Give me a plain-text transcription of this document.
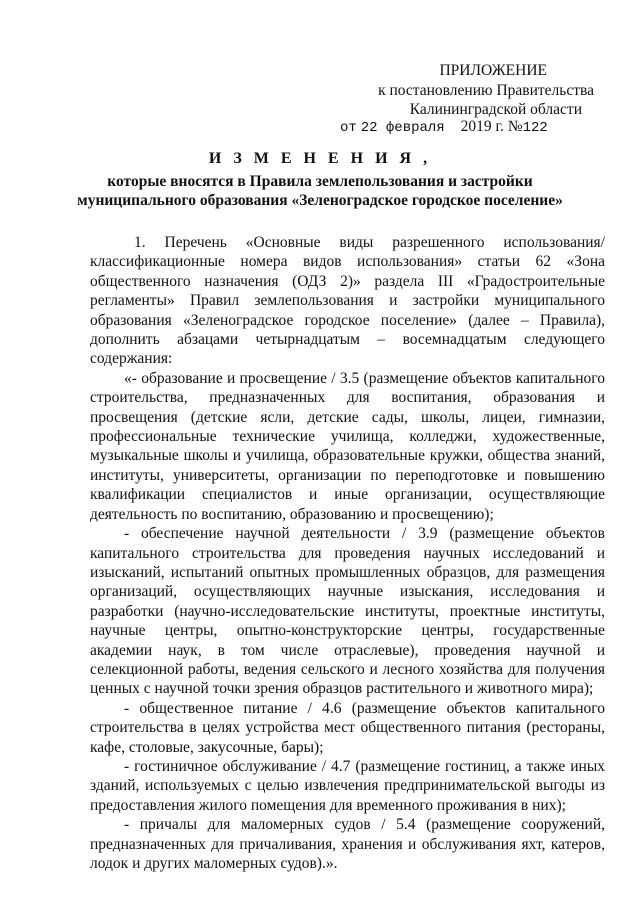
ПРИЛОЖЕНИЕ
к постановлению Правительства
Калининградской области
от 22 февраля 2019 г. №122
И З М Е Н Е Н И Я ,
которые вносятся в Правила землепользования и застройки
муниципального образования «Зеленоградское городское поселение»

1. Перечень «Основные виды разрешенного использования/классификационные номера видов использования» статьи 62 «Зона общественного назначения (ОДЗ 2)» раздела III «Градостроительные регламенты» Правил землепользования и застройки муниципального образования «Зеленоградское городское поселение» (далее – Правила), дополнить абзацами четырнадцатым – восемнадцатым следующего содержания:

«- образование и просвещение / 3.5 (размещение объектов капитального строительства, предназначенных для воспитания, образования и просвещения (детские ясли, детские сады, школы, лицеи, гимназии, профессиональные технические училища, колледжи, художественные, музыкальные школы и училища, образовательные кружки, общества знаний, институты, университеты, организации по переподготовке и повышению квалификации специалистов и иные организации, осуществляющие деятельность по воспитанию, образованию и просвещению);

- обеспечение научной деятельности / 3.9 (размещение объектов капитального строительства для проведения научных исследований и изысканий, испытаний опытных промышленных образцов, для размещения организаций, осуществляющих научные изыскания, исследования и разработки (научно-исследовательские институты, проектные институты, научные центры, опытно-конструкторские центры, государственные академии наук, в том числе отраслевые), проведения научной и селекционной работы, ведения сельского и лесного хозяйства для получения ценных с научной точки зрения образцов растительного и животного мира);

- общественное питание / 4.6 (размещение объектов капитального строительства в целях устройства мест общественного питания (рестораны, кафе, столовые, закусочные, бары);

- гостиничное обслуживание / 4.7 (размещение гостиниц, а также иных зданий, используемых с целью извлечения предпринимательской выгоды из предоставления жилого помещения для временного проживания в них);

- причалы для маломерных судов / 5.4 (размещение сооружений, предназначенных для причаливания, хранения и обслуживания яхт, катеров, лодок и других маломерных судов).».
